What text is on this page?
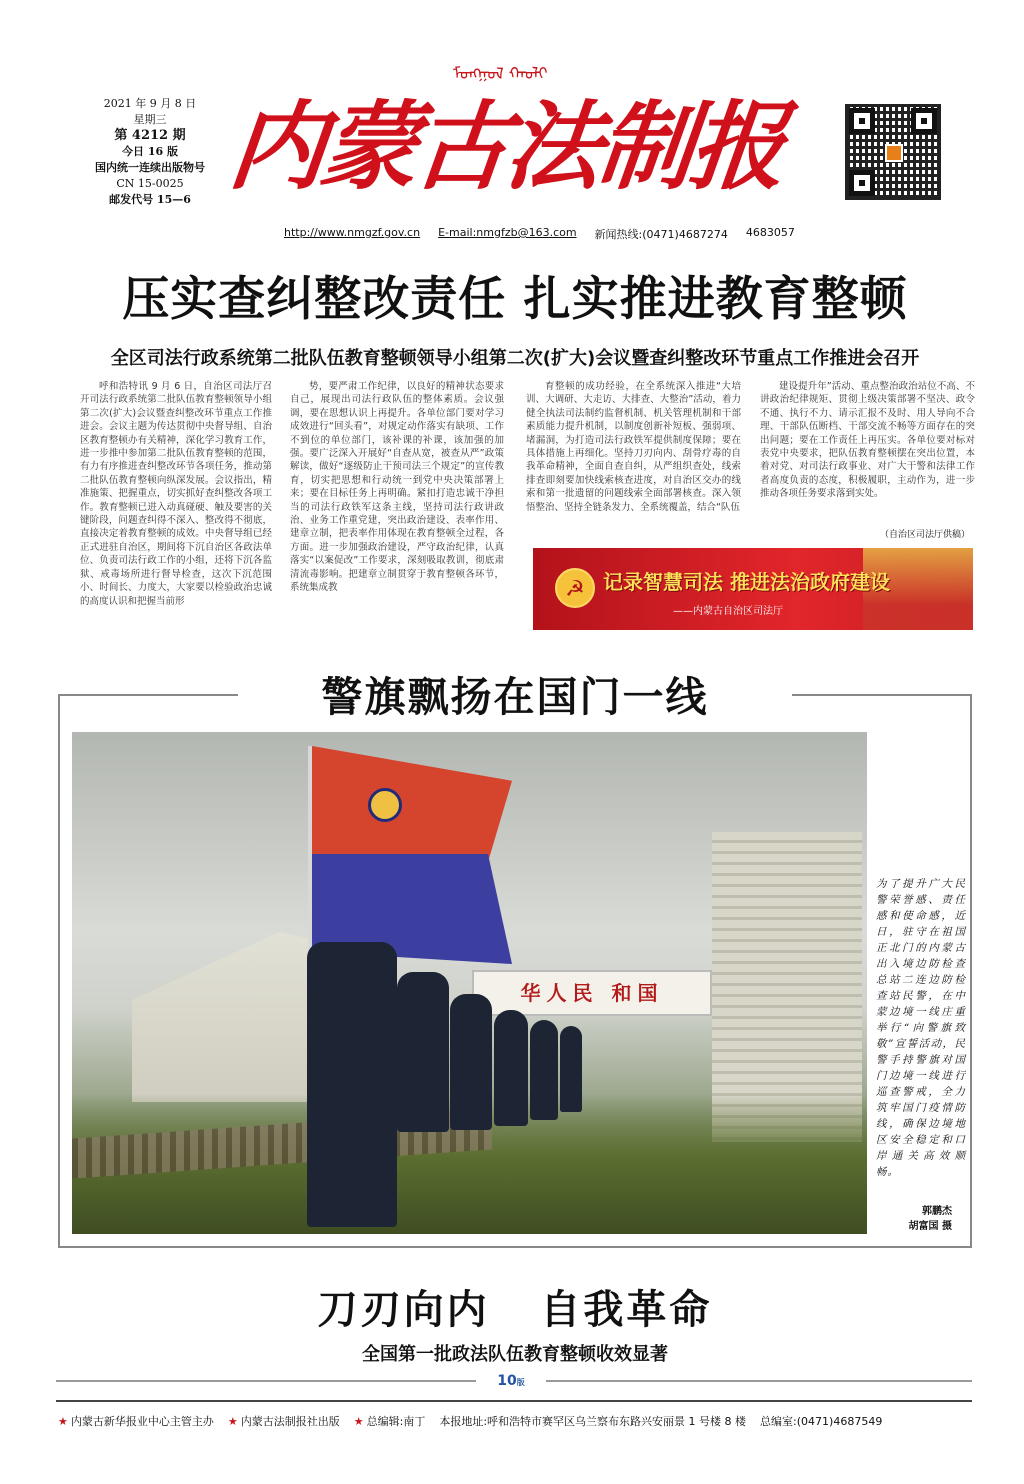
2021 年 9 月 8 日
星期三
第 4212 期
今日 16 版
国内统一连续出版物号
CN 15-0025
邮发代号 15—6
ᠮᠣᠩᠭᠣᠯ ᠬᠠᠤᠯᠢ
内蒙古法制报
http://www.nmgzf.gov.cn E-mail:nmgfzb@163.com 新闻热线:(0471)4687274 4683057
压实查纠整改责任 扎实推进教育整顿
全区司法行政系统第二批队伍教育整顿领导小组第二次(扩大)会议暨查纠整改环节重点工作推进会召开

呼和浩特讯 9 月 6 日，自治区司法厅召开司法行政系统第二批队伍教育整顿领导小组第二次(扩大)会议暨查纠整改环节重点工作推进会。会议主题为传达贯彻中央督导组、自治区教育整顿办有关精神，深化学习教育工作，进一步推中参加第二批队伍教育整顿的范围，有力有序推进查纠整改环节各项任务，推动第二批队伍教育整顿向纵深发展。会议指出，精准施策、把握重点，切实抓好查纠整改各项工作。教育整顿已进入动真碰硬、触及要害的关键阶段，问题查纠得不深入、整改得不彻底，直接决定着教育整顿的成效。中央督导组已经正式进驻自治区，期间将下沉自治区各政法单位、负责司法行政工作的小组，还将下沉各监狱、戒毒场所进行督导检查，这次下沉范围小、时间长、力度大，大家要以检验政治忠诚的高度认识和把握当前形

势，要严肃工作纪律，以良好的精神状态要求自己，展现出司法行政队伍的整体素质。会议强调，要在思想认识上再提升。各单位部门要对学习成效进行“回头看”，对规定动作落实有缺项、工作不到位的单位部门，该补课的补课，该加强的加强。要广泛深入开展好“自查从宽，被查从严”政策解读，做好“逐级防止干预司法三个规定”的宣传教育，切实把思想和行动统一到党中央决策部署上来；要在目标任务上再明确。紧扣打造忠诚干净担当的司法行政铁军这条主线，坚持司法行政讲政治、业务工作重党建，突出政治建设、表率作用、建章立制，把表率作用体现在教育整顿全过程，各方面。进一步加强政治建设，严守政治纪律，认真落实“以案促改”工作要求，深刻吸取教训，彻底肃清流毒影响。把建章立制贯穿于教育整顿各环节，系统集成教

育整顿的成功经验，在全系统深入推进“大培训、大调研、大走访、大排查、大整治”活动，着力健全执法司法制约监督机制、机关管理机制和干部素质能力提升机制，以制度创新补短板、强弱项、堵漏洞，为打造司法行政铁军提供制度保障；要在具体措施上再细化。坚持刀刃向内、刮骨疗毒的自我革命精神，全面自查自纠，从严组织查处，线索排查即刻要加快线索核查进度，对自治区交办的线索和第一批遗留的问题线索全面部署核查。深入领悟整治、坚持全链条发力、全系统覆盖，结合“队伍

建设提升年”活动、重点整治政治站位不高、不讲政治纪律规矩、贯彻上级决策部署不坚决、政令不通、执行不力、请示汇报不及时、用人导向不合理、干部队伍断档、干部交流不畅等方面存在的突出问题；要在工作责任上再压实。各单位要对标对表党中央要求，把队伍教育整顿摆在突出位置，本着对党、对司法行政事业、对广大干警和法律工作者高度负责的态度，积极履职，主动作为，进一步推动各项任务要求落到实处。

（自治区司法厅供稿）
☭ 记录智慧司法 推进法治政府建设
——内蒙古自治区司法厅
警旗飘扬在国门一线
华人民 和国
为了提升广大民警荣誉感、责任感和使命感，近日，驻守在祖国正北门的内蒙古出入境边防检查总站二连边防检查站民警，在中蒙边境一线庄重举行“向警旗致敬”宣誓活动，民警手持警旗对国门边境一线进行巡查警戒，全力筑牢国门疫情防线，确保边境地区安全稳定和口岸通关高效顺畅。
郭鹏杰
胡富国 摄
刀刃向内   自我革命
全国第一批政法队伍教育整顿收效显著
10版
★ 内蒙古新华报业中心主管主办 ★ 内蒙古法制报社出版 ★ 总编辑:南丁 本报地址:呼和浩特市赛罕区乌兰察布东路兴安丽景 1 号楼 8 楼 总编室:(0471)4687549
